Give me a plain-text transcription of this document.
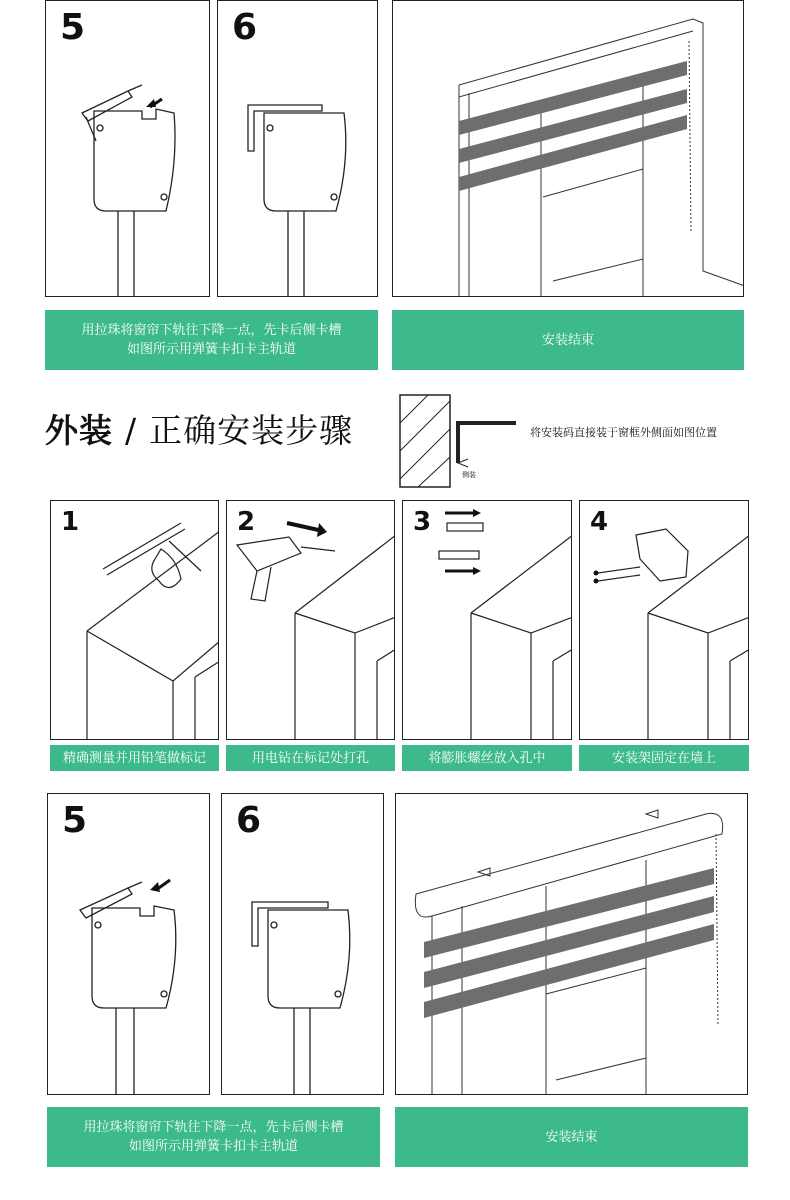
5	6
用拉珠将窗帘下轨往下降一点，先卡后侧卡槽
如图所示用弹簧卡扣卡主轨道
安装结束
外装 / 正确安装步骤
侧装
将安装码直接装于窗框外侧面如图位置
1	2	3	4
精确测量并用铅笔做标记	用电钻在标记处打孔	将膨胀螺丝放入孔中	安装架固定在墙上
5	6
用拉珠将窗帘下轨往下降一点，先卡后侧卡槽
如图所示用弹簧卡扣卡主轨道
安装结束
